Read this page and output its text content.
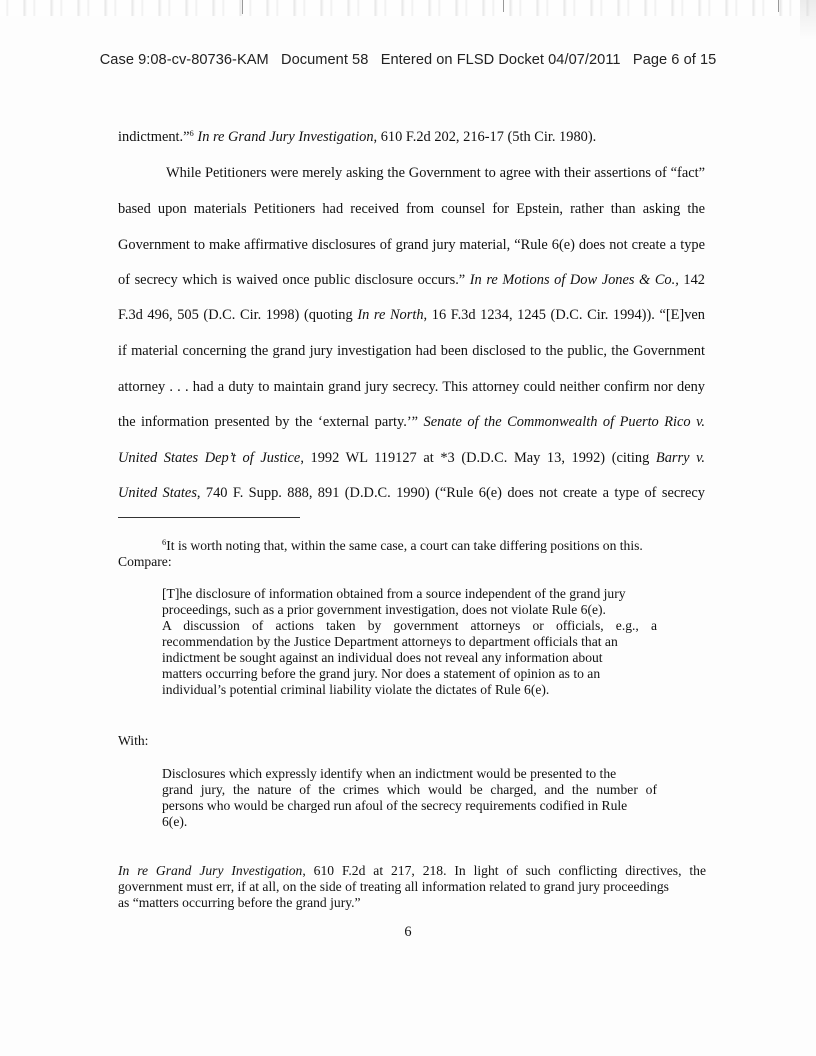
Case 9:08-cv-80736-KAM   Document 58   Entered on FLSD Docket 04/07/2011   Page 6 of 15
indictment.”$^6$ In re Grand Jury Investigation, 610 F.2d 202, 216-17 (5th Cir. 1980).
While Petitioners were merely asking the Government to agree with their assertions of “fact”
based upon materials Petitioners had received from counsel for Epstein, rather than asking the
Government to make affirmative disclosures of grand jury material, “Rule 6(e) does not create a type
of secrecy which is waived once public disclosure occurs.” In re Motions of Dow Jones & Co., 142
F.3d 496, 505 (D.C. Cir. 1998) (quoting In re North, 16 F.3d 1234, 1245 (D.C. Cir. 1994)). “[E]ven
if material concerning the grand jury investigation had been disclosed to the public, the Government
attorney . . . had a duty to maintain grand jury secrecy. This attorney could neither confirm nor deny
the information presented by the ‘external party.’” Senate of the Commonwealth of Puerto Rico v.
United States Dep’t of Justice, 1992 WL 119127 at *3 (D.D.C. May 13, 1992) (citing Barry v.
United States, 740 F. Supp. 888, 891 (D.D.C. 1990) (“Rule 6(e) does not create a type of secrecy
$^6$It is worth noting that, within the same case, a court can take differing positions on this.
Compare:
[T]he disclosure of information obtained from a source independent of the grand jury
proceedings, such as a prior government investigation, does not violate Rule 6(e).
A discussion of actions taken by government attorneys or officials, e.g., a
recommendation by the Justice Department attorneys to department officials that an
indictment be sought against an individual does not reveal any information about
matters occurring before the grand jury. Nor does a statement of opinion as to an
individual’s potential criminal liability violate the dictates of Rule 6(e).
With:
Disclosures which expressly identify when an indictment would be presented to the
grand jury, the nature of the crimes which would be charged, and the number of
persons who would be charged run afoul of the secrecy requirements codified in Rule
6(e).
In re Grand Jury Investigation, 610 F.2d at 217, 218. In light of such conflicting directives, the
government must err, if at all, on the side of treating all information related to grand jury proceedings
as “matters occurring before the grand jury.”
6
